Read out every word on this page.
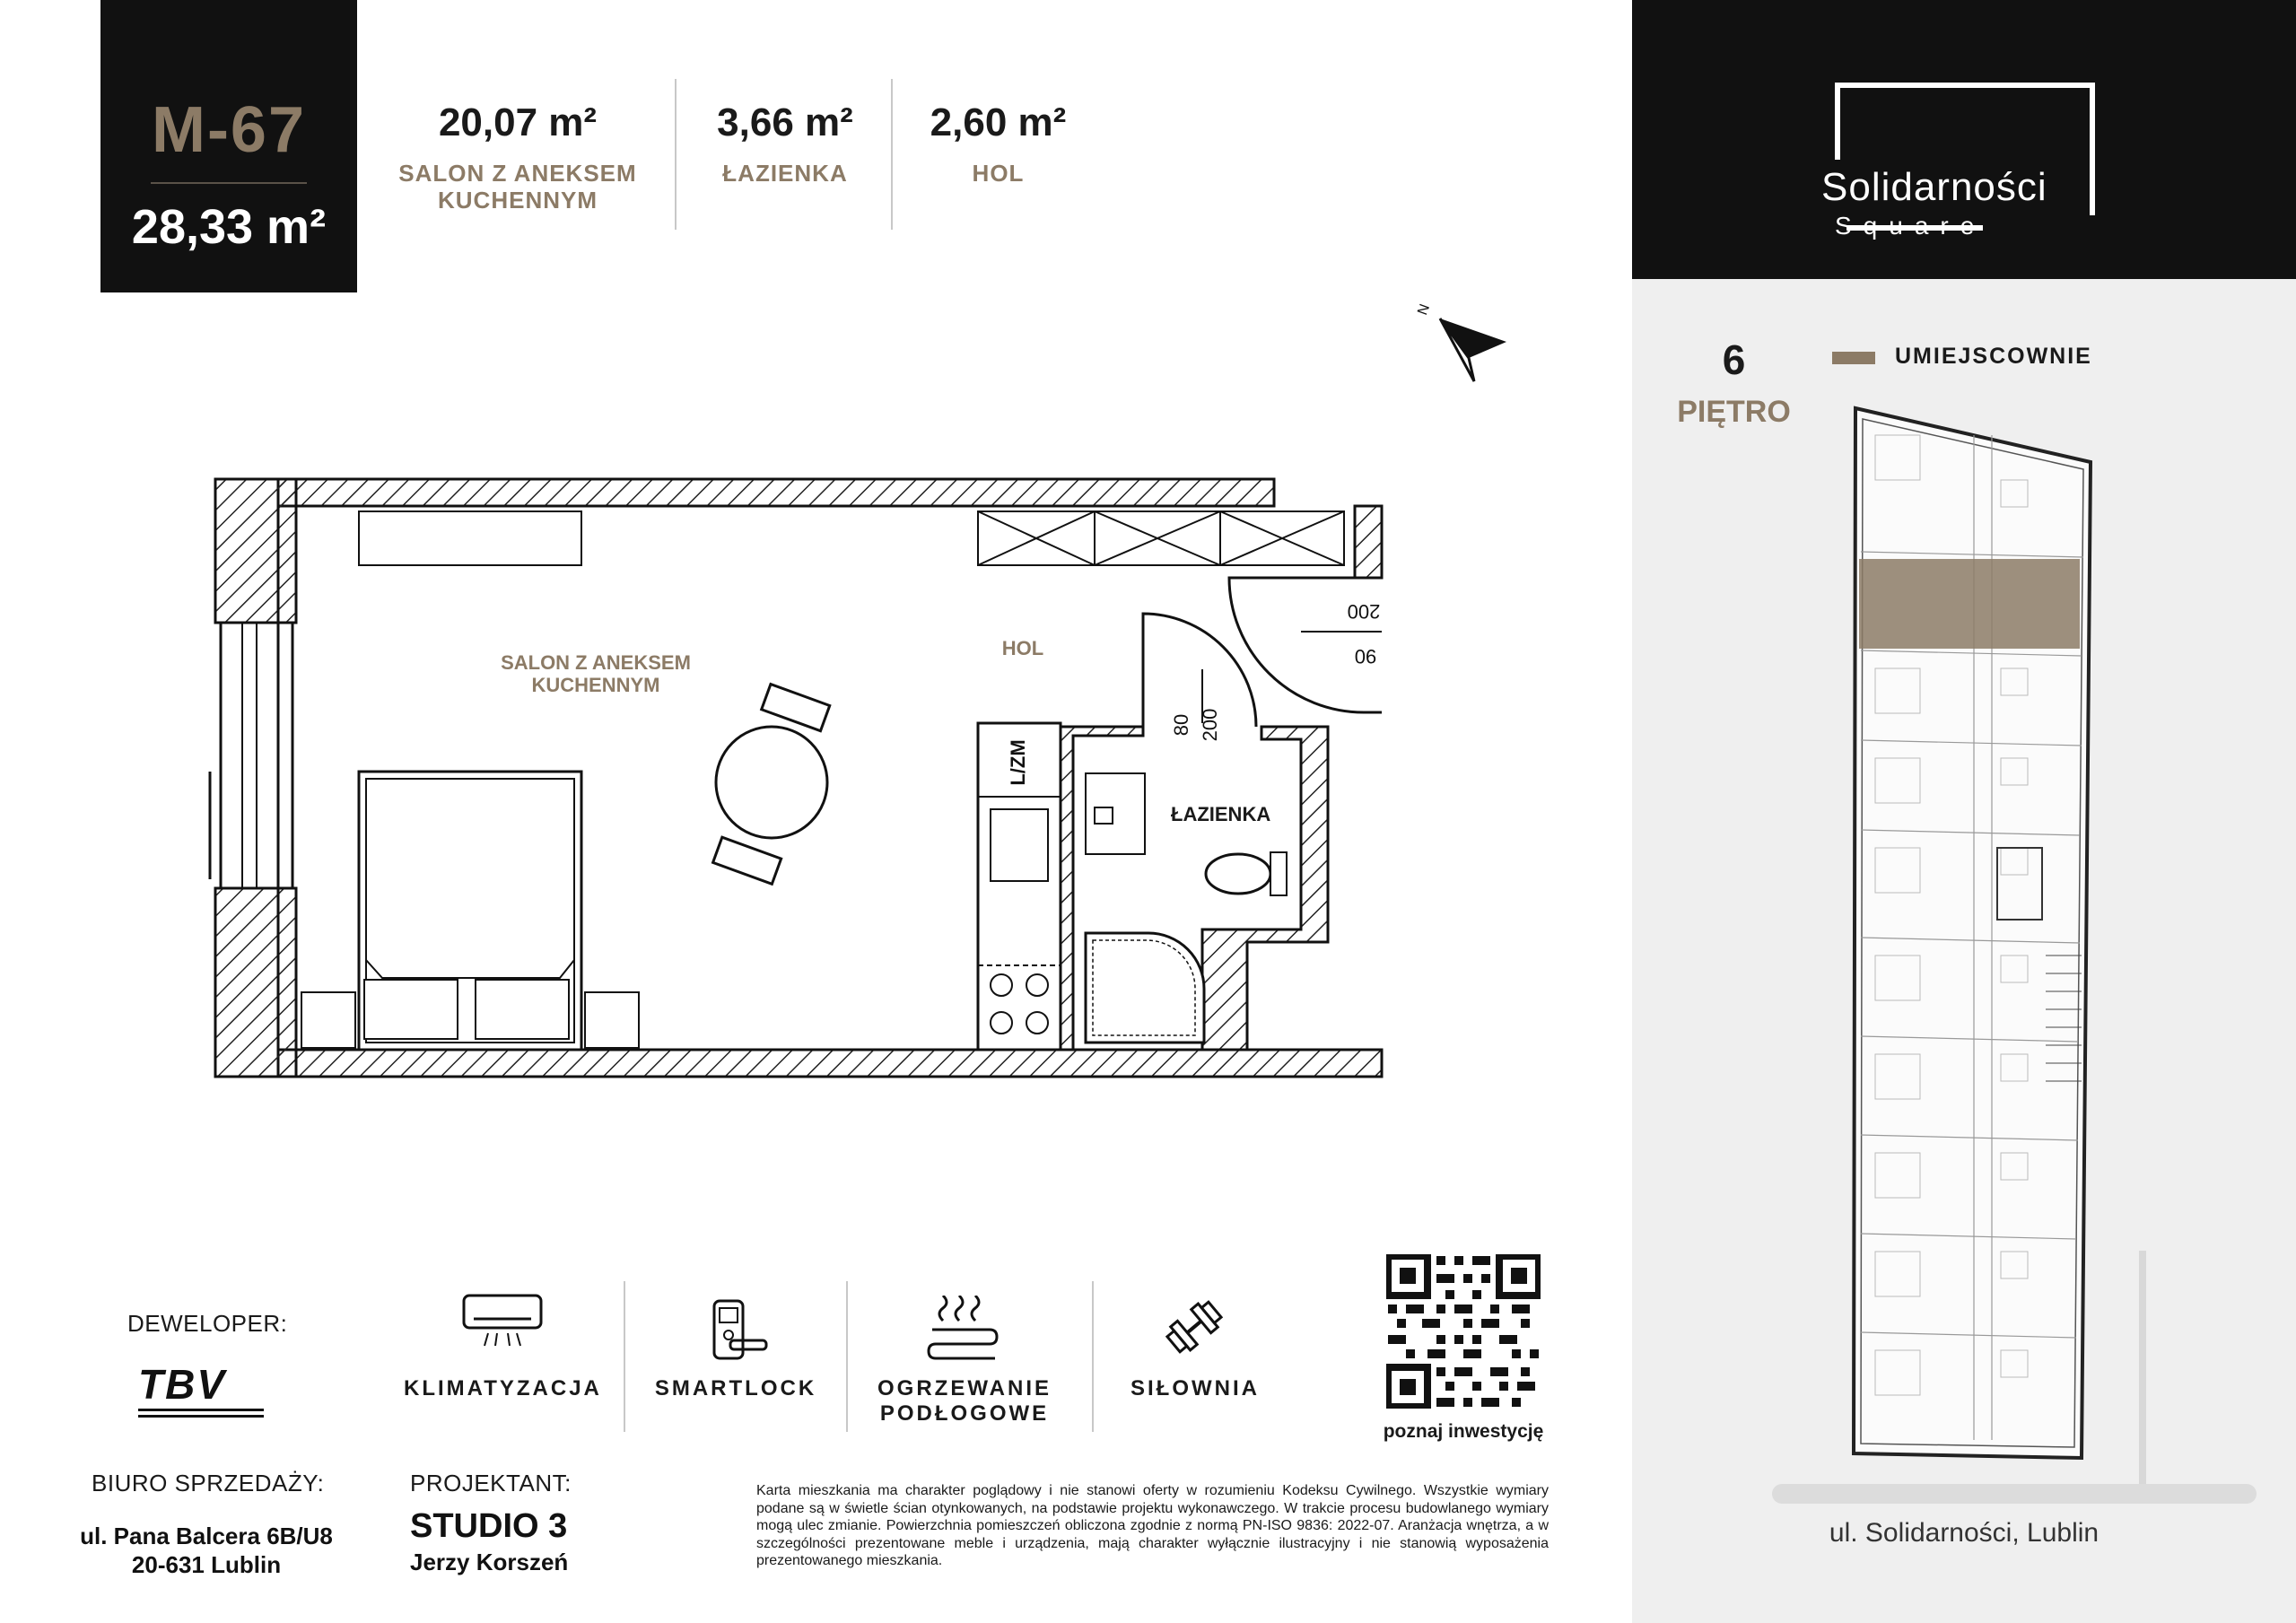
M-67
28,33 m²
20,07 m²
SALON Z ANEKSEM
KUCHENNYM
3,66 m²
ŁAZIENKA
2,60 m²
HOL
N
L/ZM
200
90
80 200
SALON Z ANEKSEM
KUCHENNYM
HOL
ŁAZIENKA
DEWELOPER:
TBV
BIURO SPRZEDAŻY:
ul. Pana Balcera 6B/U8
20-631 Lublin
PROJEKTANT:
STUDIO 3
Jerzy Korszeń
KLIMATYZACJA	SMARTLOCK	OGRZEWANIE
PODŁOGOWE
SIŁOWNIA
poznaj inwestycję
Karta mieszkania ma charakter poglądowy i nie stanowi oferty w rozumieniu Kodeksu Cywilnego. Wszystkie wymiary podane są w świetle ścian otynkowanych, na podstawie projektu wykonawczego. W trakcie procesu budowlanego wymiary mogą ulec zmianie. Powierzchnia pomieszczeń obliczona zgodnie z normą PN-ISO 9836: 2022-07. Aranżacja wnętrza, a w szczególności prezentowane meble i urządzenia, mają charakter wyłącznie ilustracyjny i nie stanowią wyposażenia prezentowanego mieszkania.
Solidarności
Square
6
PIĘTRO
UMIEJSCOWNIE
ul. Solidarności, Lublin
